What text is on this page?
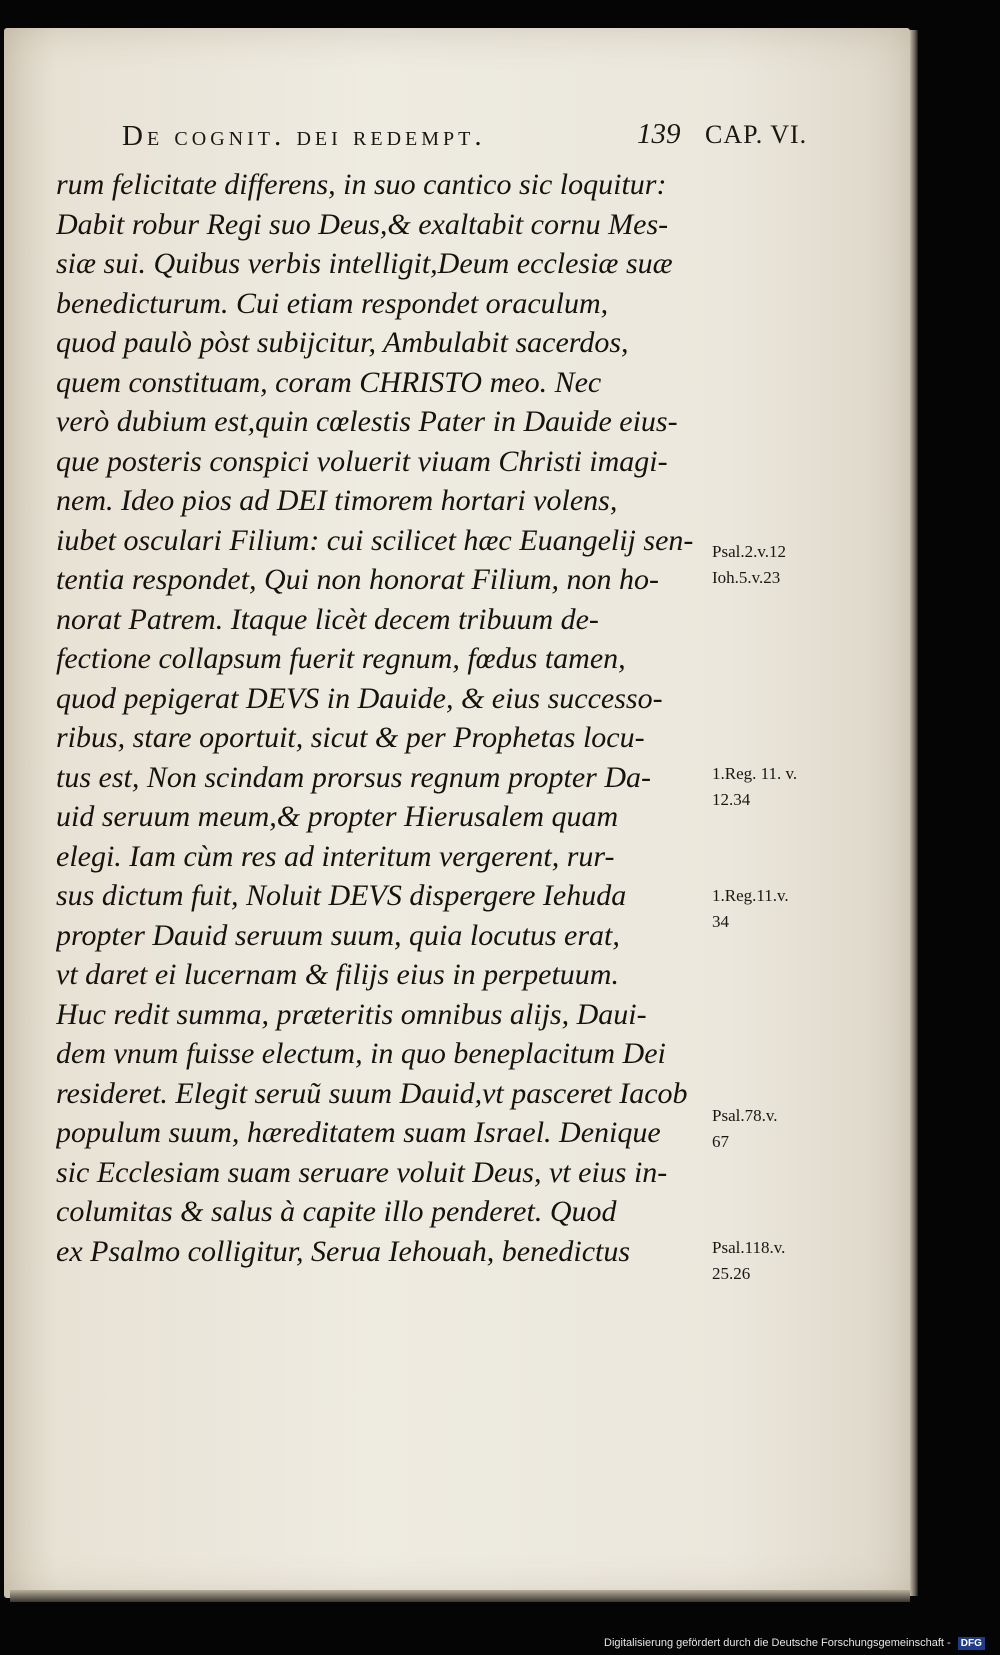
De cognit. dei redempt.	139 CAP. VI.
rum felicitate differens, in suo cantico sic loquitur:
Dabit robur Regi suo Deus,& exaltabit cornu Mes-
siæ sui. Quibus verbis intelligit,Deum ecclesiæ suæ
benedicturum. Cui etiam respondet oraculum,
quod paulò pòst subijcitur, Ambulabit sacerdos,
quem constituam, coram CHRISTO meo. Nec
verò dubium est,quin cœlestis Pater in Dauide eius-
que posteris conspici voluerit viuam Christi imagi-
nem. Ideo pios ad DEI timorem hortari volens,
iubet osculari Filium: cui scilicet hæc Euangelij sen-
tentia respondet, Qui non honorat Filium, non ho-
norat Patrem. Itaque licèt decem tribuum de-
fectione collapsum fuerit regnum, fœdus tamen,
quod pepigerat DEVS in Dauide, & eius successo-
ribus, stare oportuit, sicut & per Prophetas locu-
tus est, Non scindam prorsus regnum propter Da-
uid seruum meum,& propter Hierusalem quam
elegi. Iam cùm res ad interitum vergerent, rur-
sus dictum fuit, Noluit DEVS dispergere Iehuda
propter Dauid seruum suum, quia locutus erat,
vt daret ei lucernam & filijs eius in perpetuum.
Huc redit summa, præteritis omnibus alijs, Daui-
dem vnum fuisse electum, in quo beneplacitum Dei
resideret. Elegit seruũ suum Dauid,vt pasceret Iacob
populum suum, hæreditatem suam Israel. Denique
sic Ecclesiam suam seruare voluit Deus, vt eius in-
columitas & salus à capite illo penderet. Quod
ex Psalmo colligitur, Serua Iehouah, benedictus
Psal.2.v.12
Ioh.5.v.23
1.Reg. 11. v.
12.34
1.Reg.11.v.
34
Psal.78.v.
67
Psal.118.v.
25.26
Digitalisierung gefördert durch die Deutsche Forschungsgemeinschaft - DFG
